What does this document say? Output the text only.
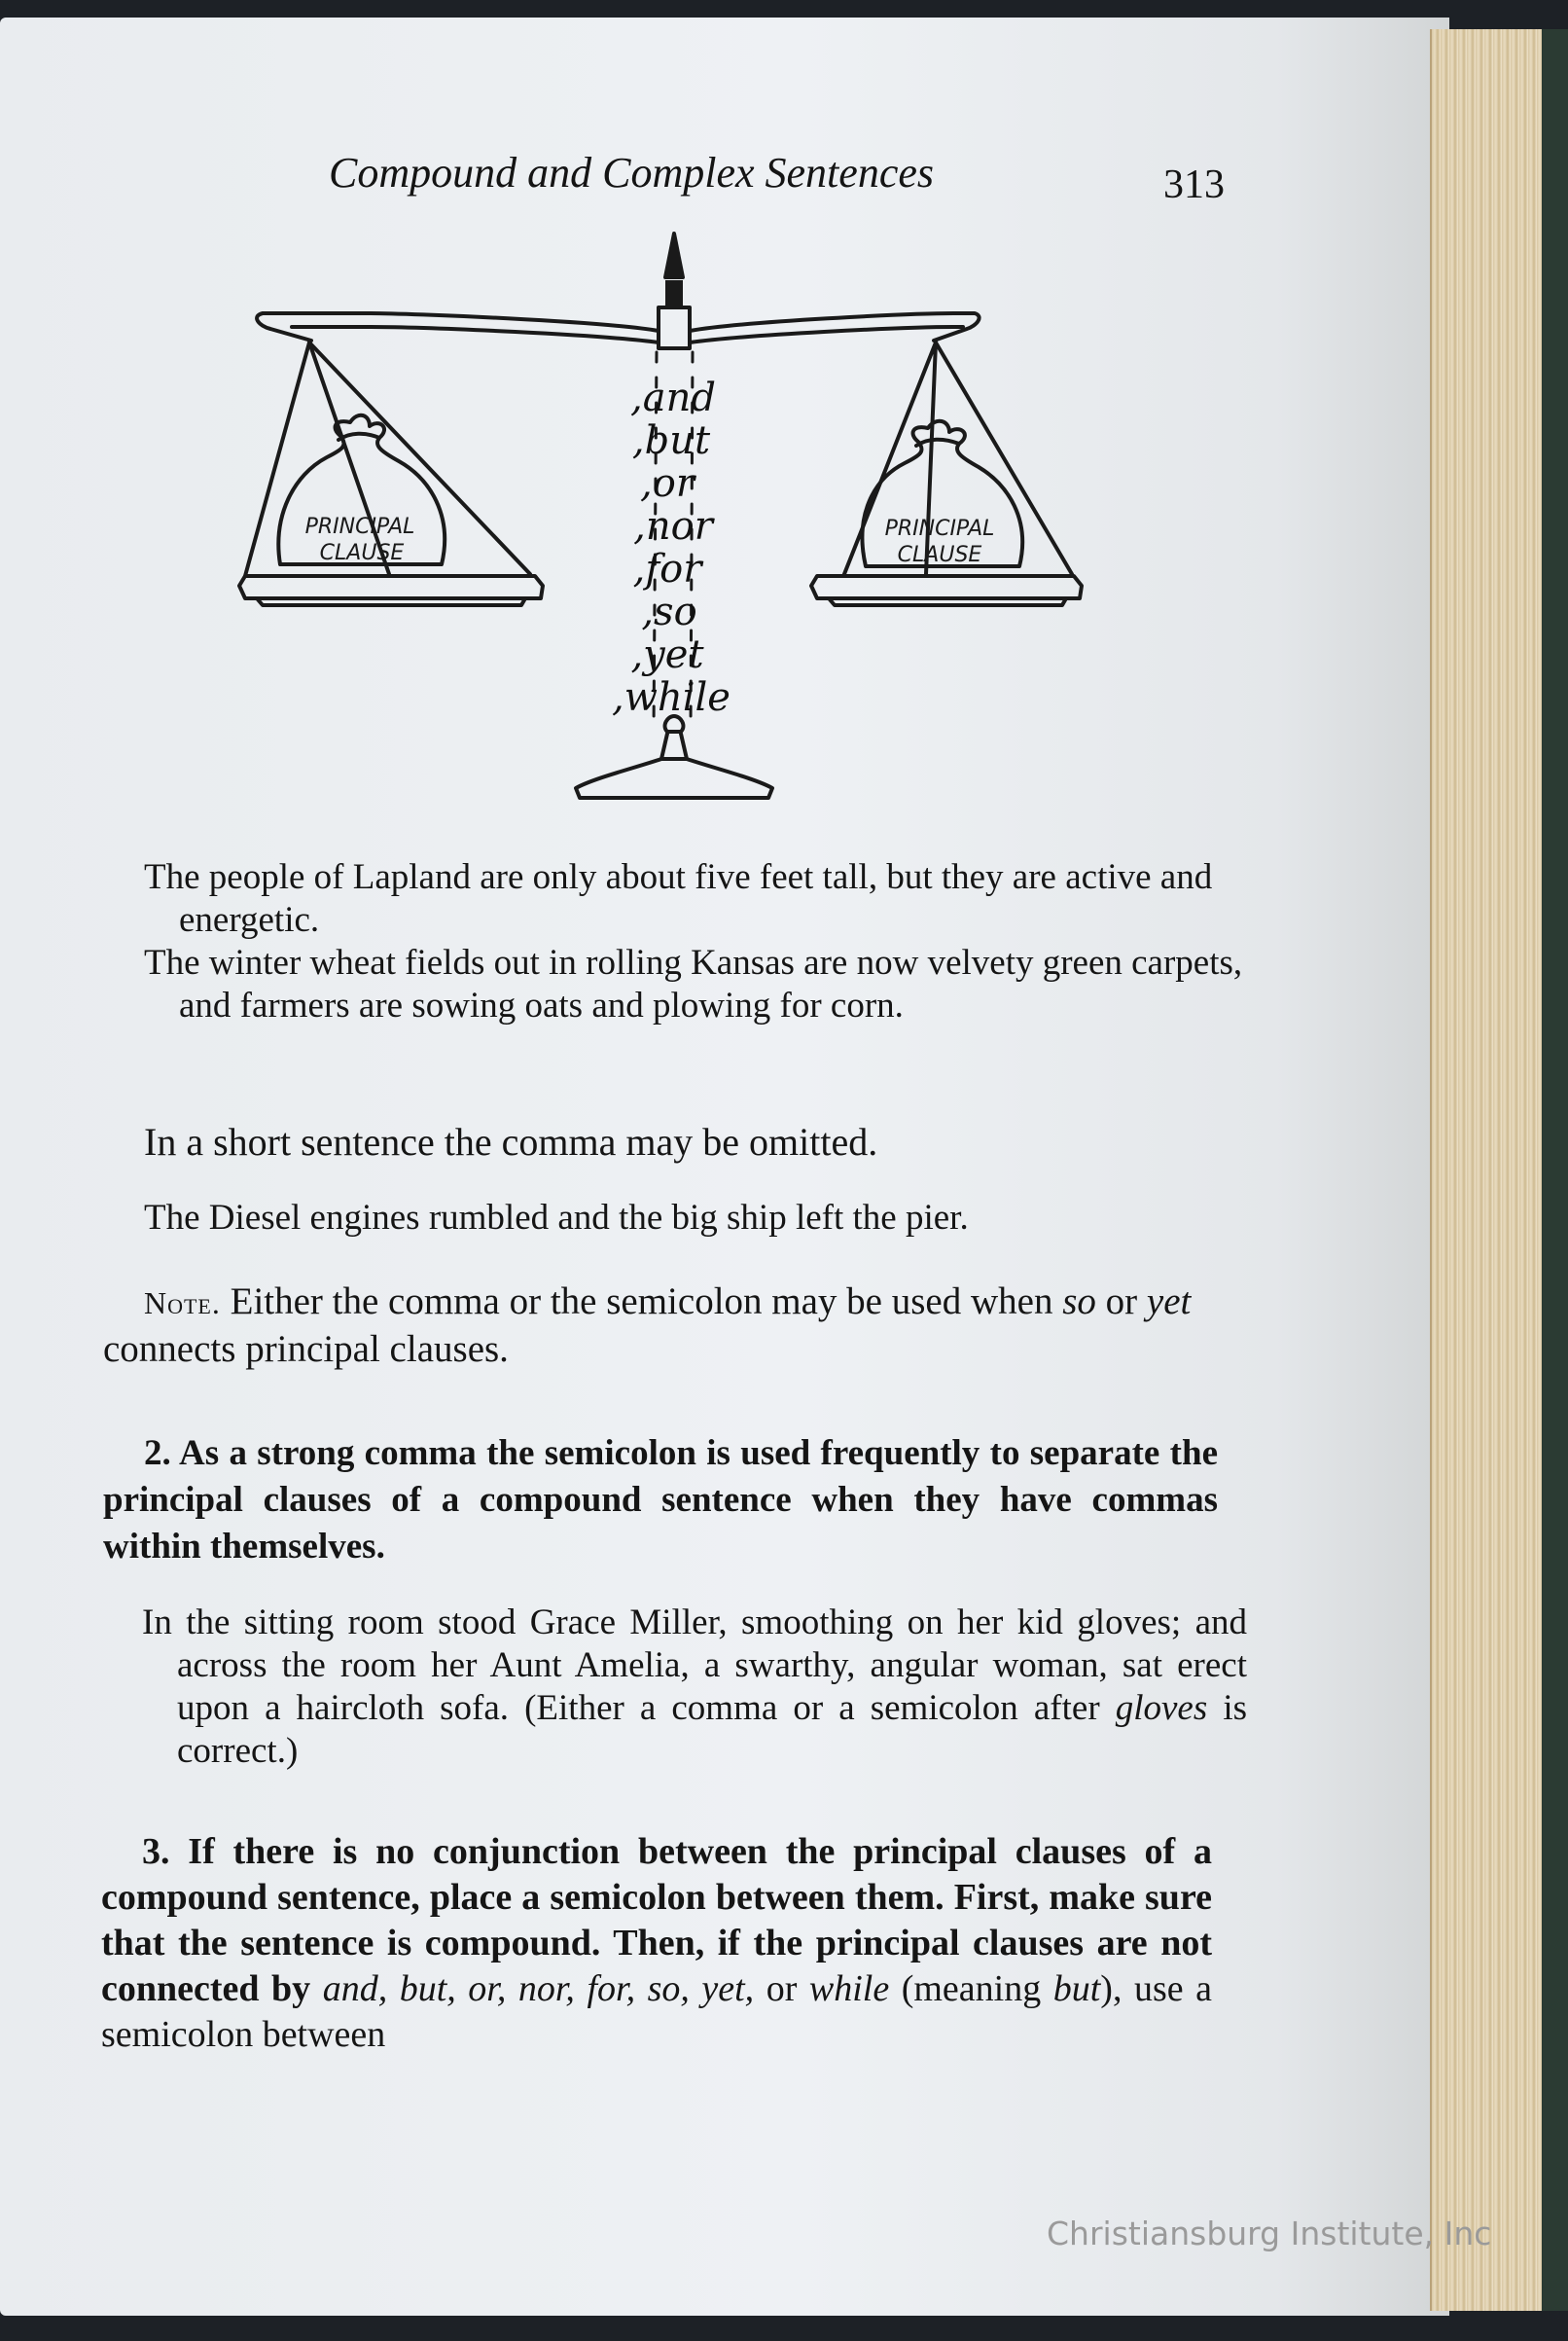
Compound and Complex Sentences	313

PRINCIPAL
CLAUSE
PRINCIPAL
CLAUSE
,and
,but
,or
,nor
,for
,so
,yet
,while

The people of Lapland are only about five feet tall, but they are active and energetic.

The winter wheat fields out in rolling Kansas are now velvety green carpets, and farmers are sowing oats and plowing for corn.

In a short sentence the comma may be omitted.

The Diesel engines rumbled and the big ship left the pier.

Note. Either the comma or the semicolon may be used when so or yet connects principal clauses.

2. As a strong comma the semicolon is used frequently to separate the principal clauses of a compound sentence when they have commas within themselves.

In the sitting room stood Grace Miller, smoothing on her kid gloves; and across the room her Aunt Amelia, a swarthy, angular woman, sat erect upon a haircloth sofa. (Either a comma or a semicolon after gloves is correct.)

3. If there is no conjunction between the principal clauses of a compound sentence, place a semicolon between them. First, make sure that the sentence is compound. Then, if the principal clauses are not connected by and, but, or, nor, for, so, yet, or while (meaning but), use a semicolon between

Christiansburg Institute, Inc
